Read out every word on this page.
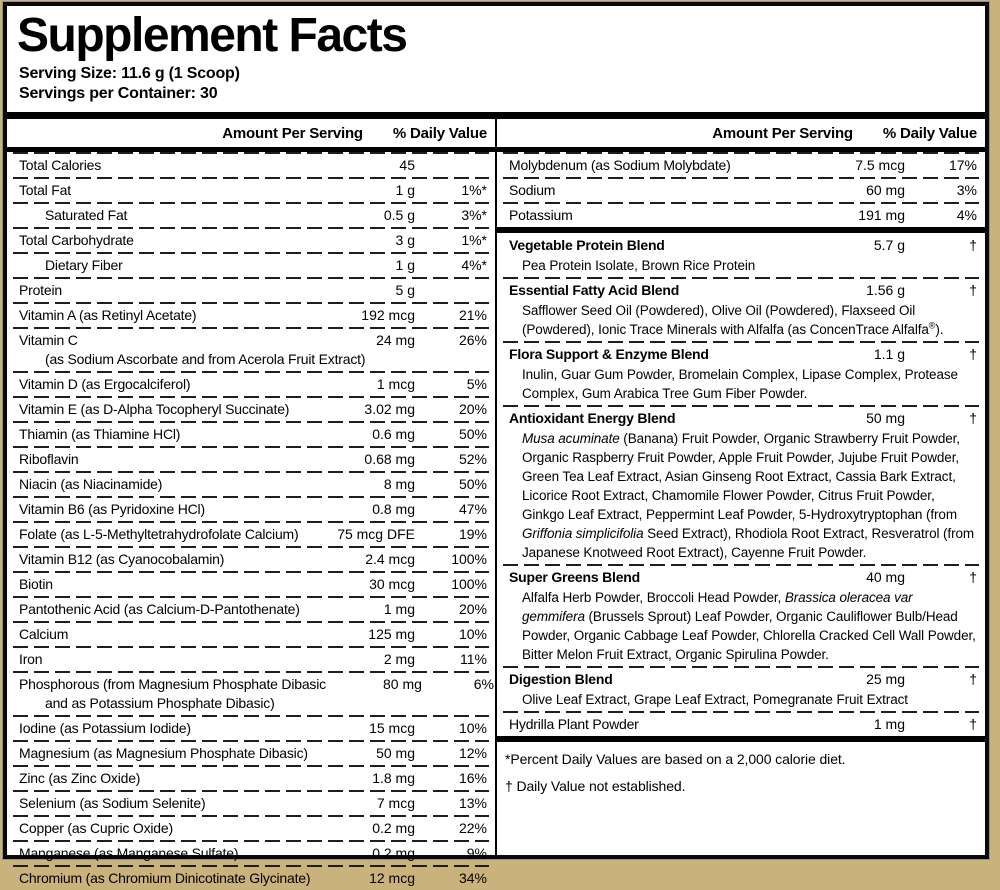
Supplement Facts
Serving Size: 11.6 g (1 Scoop)
Servings per Container: 30
Amount Per Serving % Daily Value
Total Calories	45
Total Fat	1 g	1%*
Saturated Fat	0.5 g	3%*
Total Carbohydrate	3 g	1%*
Dietary Fiber	1 g	4%*
Protein	5 g
Vitamin A (as Retinyl Acetate)	192 mcg	21%
Vitamin C	24 mg	26%
(as Sodium Ascorbate and from Acerola Fruit Extract)
Vitamin D (as Ergocalciferol)	1 mcg	5%
Vitamin E (as D-Alpha Tocopheryl Succinate)	3.02 mg	20%
Thiamin (as Thiamine HCl)	0.6 mg	50%
Riboflavin	0.68 mg	52%
Niacin (as Niacinamide)	8 mg	50%
Vitamin B6 (as Pyridoxine HCl)	0.8 mg	47%
Folate (as L-5-Methyltetrahydrofolate Calcium)	75 mcg DFE	19%
Vitamin B12 (as Cyanocobalamin)	2.4 mcg	100%
Biotin	30 mcg	100%
Pantothenic Acid (as Calcium-D-Pantothenate)	1 mg	20%
Calcium	125 mg	10%
Iron	2 mg	11%
Phosphorous (from Magnesium Phosphate Dibasic	80 mg	6%
and as Potassium Phosphate Dibasic)
Iodine (as Potassium Iodide)	15 mcg	10%
Magnesium (as Magnesium Phosphate Dibasic)	50 mg	12%
Zinc (as Zinc Oxide)	1.8 mg	16%
Selenium (as Sodium Selenite)	7 mcg	13%
Copper (as Cupric Oxide)	0.2 mg	22%
Manganese (as Manganese Sulfate)	0.2 mg	9%
Chromium (as Chromium Dinicotinate Glycinate)	12 mcg	34%
Amount Per Serving % Daily Value
Molybdenum (as Sodium Molybdate)	7.5 mcg	17%
Sodium	60 mg	3%
Potassium	191 mg	4%
Vegetable Protein Blend	5.7 g	†
Pea Protein Isolate, Brown Rice Protein
Essential Fatty Acid Blend	1.56 g	†
Safflower Seed Oil (Powdered), Olive Oil (Powdered), Flaxseed Oil (Powdered), Ionic Trace Minerals with Alfalfa (as ConcenTrace Alfalfa®).
Flora Support & Enzyme Blend	1.1 g	†
Inulin, Guar Gum Powder, Bromelain Complex, Lipase Complex, Protease Complex, Gum Arabica Tree Gum Fiber Powder.
Antioxidant Energy Blend	50 mg	†
Musa acuminate (Banana) Fruit Powder, Organic Strawberry Fruit Powder, Organic Raspberry Fruit Powder, Apple Fruit Powder, Jujube Fruit Powder, Green Tea Leaf Extract, Asian Ginseng Root Extract, Cassia Bark Extract, Licorice Root Extract, Chamomile Flower Powder, Citrus Fruit Powder, Ginkgo Leaf Extract, Peppermint Leaf Powder, 5-Hydroxytryptophan (from Griffonia simplicifolia Seed Extract), Rhodiola Root Extract, Resveratrol (from Japanese Knotweed Root Extract), Cayenne Fruit Powder.
Super Greens Blend	40 mg	†
Alfalfa Herb Powder, Broccoli Head Powder, Brassica oleracea var gemmifera (Brussels Sprout) Leaf Powder, Organic Cauliflower Bulb/Head Powder, Organic Cabbage Leaf Powder, Chlorella Cracked Cell Wall Powder, Bitter Melon Fruit Extract, Organic Spirulina Powder.
Digestion Blend	25 mg	†
Olive Leaf Extract, Grape Leaf Extract, Pomegranate Fruit Extract
Hydrilla Plant Powder	1 mg	†
*Percent Daily Values are based on a 2,000 calorie diet.
† Daily Value not established.
